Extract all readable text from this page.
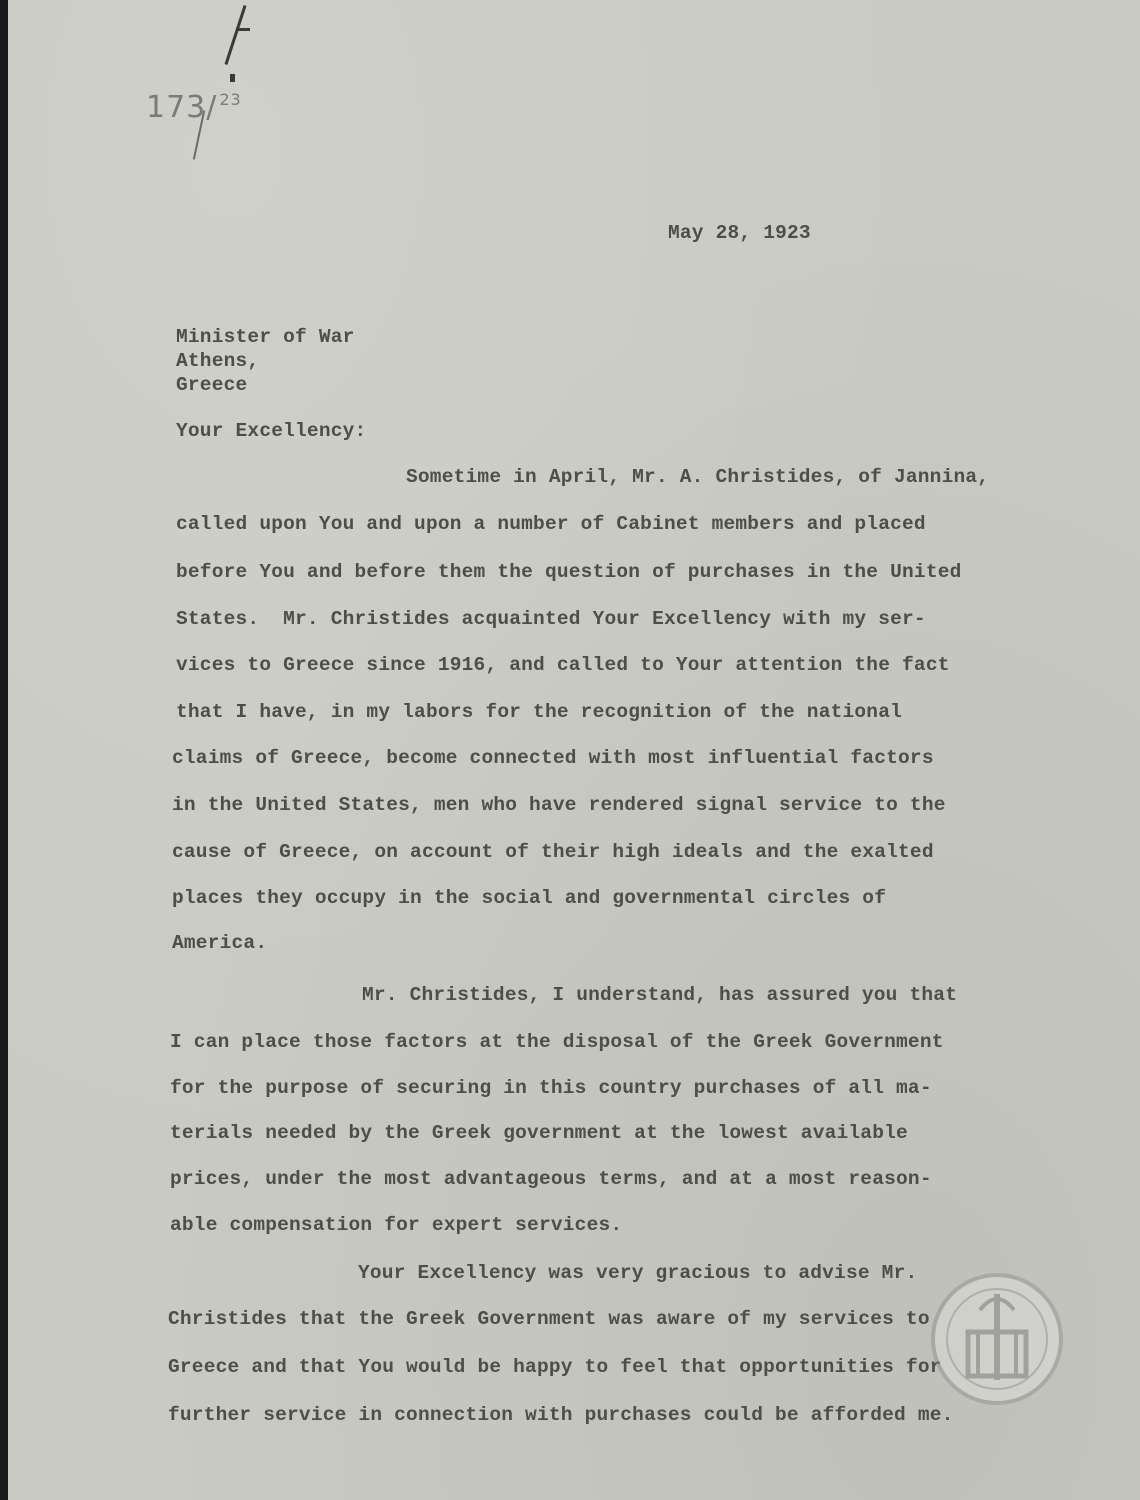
173/ $^{23}$

May 28, 1923

Minister of War

Athens,

Greece

Your Excellency:

Sometime in April, Mr. A. Christides, of Jannina,

called upon You and upon a number of Cabinet members and placed

before You and before them the question of purchases in the United

States.  Mr. Christides acquainted Your Excellency with my ser-

vices to Greece since 1916, and called to Your attention the fact

that I have, in my labors for the recognition of the national

claims of Greece, become connected with most influential factors

in the United States, men who have rendered signal service to the

cause of Greece, on account of their high ideals and the exalted

places they occupy in the social and governmental circles of

America.

Mr. Christides, I understand, has assured you that

I can place those factors at the disposal of the Greek Government

for the purpose of securing in this country purchases of all ma-

terials needed by the Greek government at the lowest available

prices, under the most advantageous terms, and at a most reason-

able compensation for expert services.

Your Excellency was very gracious to advise Mr.

Christides that the Greek Government was aware of my services to

Greece and that You would be happy to feel that opportunities for

further service in connection with purchases could be afforded me.
